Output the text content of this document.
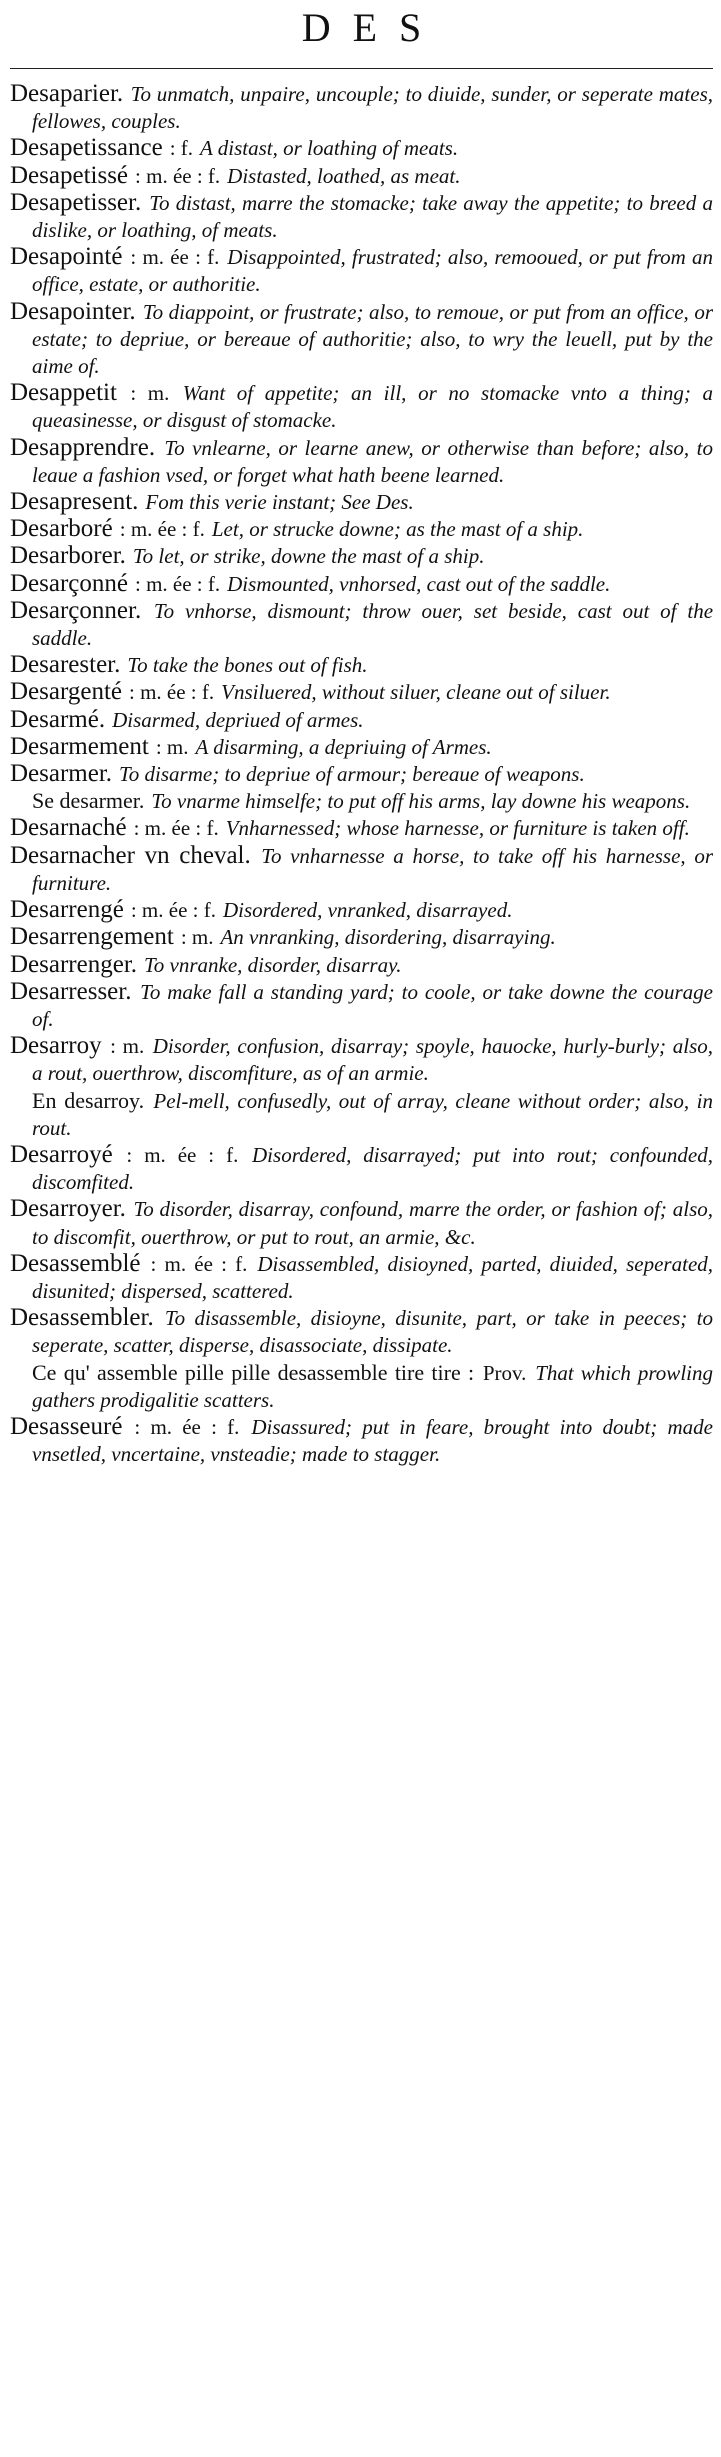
DES

Desaparier. To unmatch, unpaire, uncouple; to diuide, sunder, or seperate mates, fellowes, couples.

Desapetissance : f. A distast, or loathing of meats.

Desapetissé : m. ée : f. Distasted, loathed, as meat.

Desapetisser. To distast, marre the stomacke; take away the appetite; to breed a dislike, or loathing, of meats.

Desapointé : m. ée : f. Disappointed, frustrated; also, remooued, or put from an office, estate, or authoritie.

Desapointer. To diappoint, or frustrate; also, to remoue, or put from an office, or estate; to depriue, or bereaue of authoritie; also, to wry the leuell, put by the aime of.

Desappetit : m. Want of appetite; an ill, or no stomacke vnto a thing; a queasinesse, or disgust of stomacke.

Desapprendre. To vnlearne, or learne anew, or otherwise than before; also, to leaue a fashion vsed, or forget what hath beene learned.

Desapresent. Fom this verie instant; See Des.

Desarboré : m. ée : f. Let, or strucke downe; as the mast of a ship.

Desarborer. To let, or strike, downe the mast of a ship.

Desarçonné : m. ée : f. Dismounted, vnhorsed, cast out of the saddle.

Desarçonner. To vnhorse, dismount; throw ouer, set beside, cast out of the saddle.

Desarester. To take the bones out of fish.

Desargenté : m. ée : f. Vnsiluered, without siluer, cleane out of siluer.

Desarmé. Disarmed, depriued of armes.

Desarmement : m. A disarming, a depriuing of Armes.

Desarmer. To disarme; to depriue of armour; bereaue of weapons.

Se desarmer. To vnarme himselfe; to put off his arms, lay downe his weapons.

Desarnaché : m. ée : f. Vnharnessed; whose harnesse, or furniture is taken off.

Desarnacher vn cheval. To vnharnesse a horse, to take off his harnesse, or furniture.

Desarrengé : m. ée : f. Disordered, vnranked, disarrayed.

Desarrengement : m. An vnranking, disordering, disarraying.

Desarrenger. To vnranke, disorder, disarray.

Desarresser. To make fall a standing yard; to coole, or take downe the courage of.

Desarroy : m. Disorder, confusion, disarray; spoyle, hauocke, hurly-burly; also, a rout, ouerthrow, discomfiture, as of an armie.

En desarroy. Pel-mell, confusedly, out of array, cleane without order; also, in rout.

Desarroyé : m. ée : f. Disordered, disarrayed; put into rout; confounded, discomfited.

Desarroyer. To disorder, disarray, confound, marre the order, or fashion of; also, to discomfit, ouerthrow, or put to rout, an armie, &c.

Desassemblé : m. ée : f. Disassembled, disioyned, parted, diuided, seperated, disunited; dispersed, scattered.

Desassembler. To disassemble, disioyne, disunite, part, or take in peeces; to seperate, scatter, disperse, disassociate, dissipate.

Ce qu' assemble pille pille desassemble tire tire : Prov. That which prowling gathers prodigalitie scatters.

Desasseuré : m. ée : f. Disassured; put in feare, brought into doubt; made vnsetled, vncertaine, vnsteadie; made to stagger.
